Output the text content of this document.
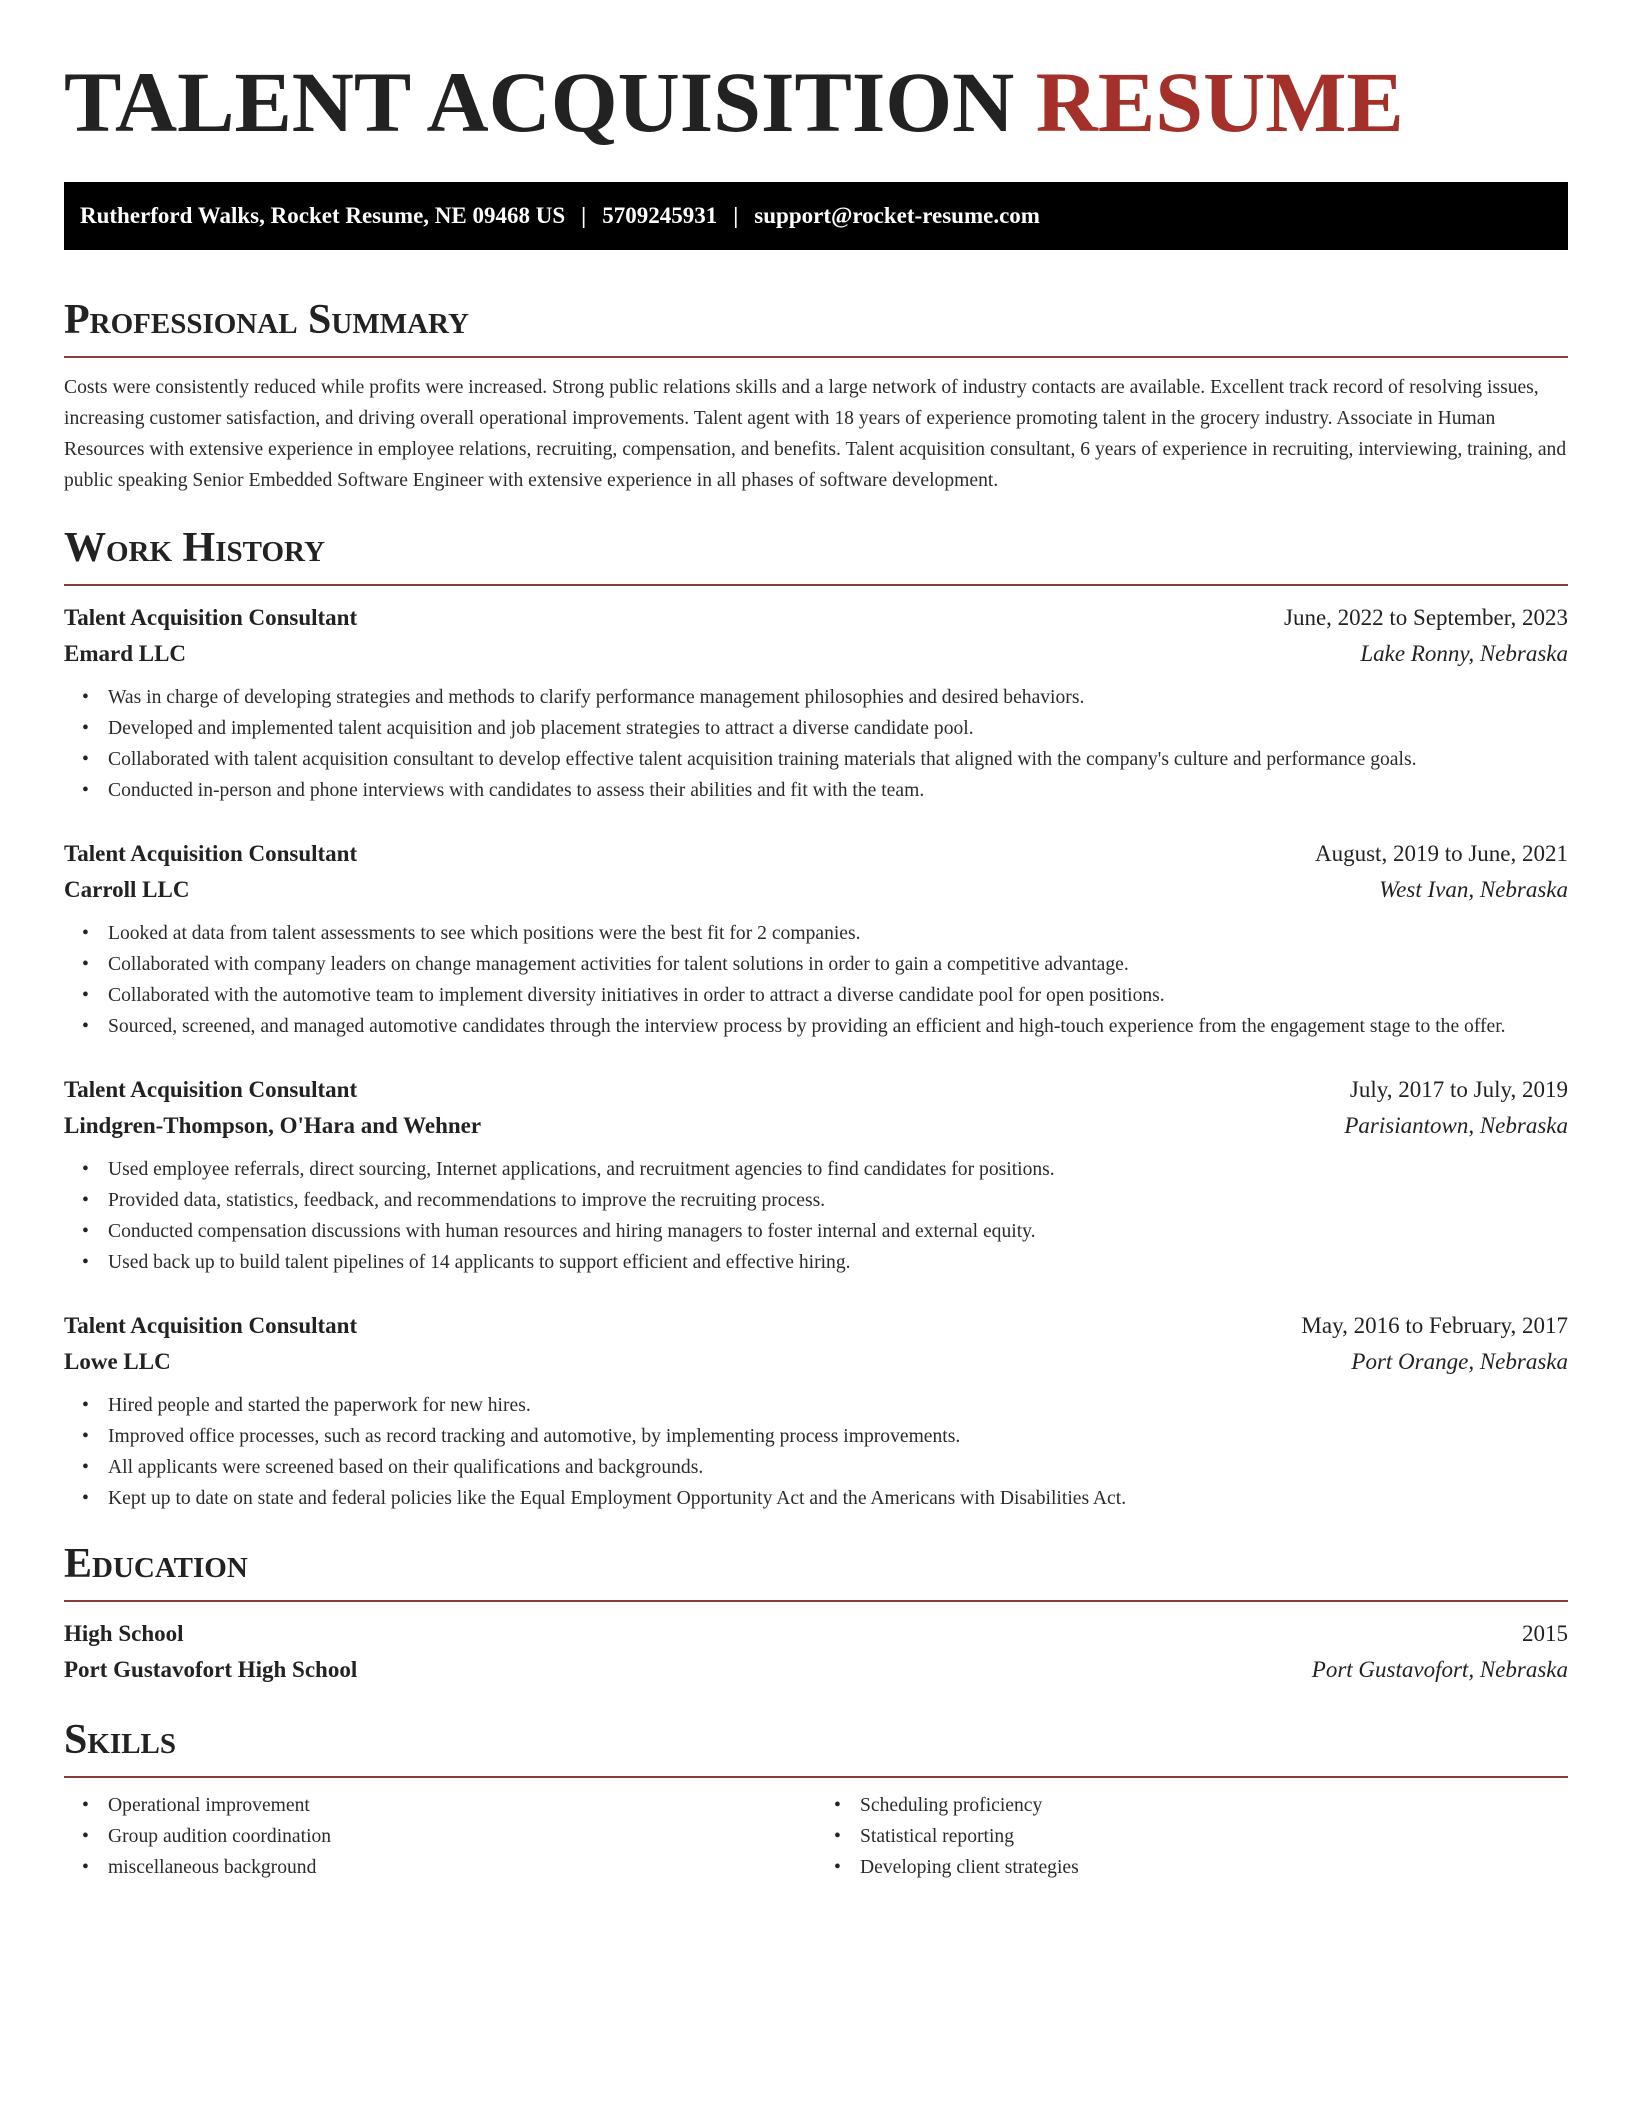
TALENT ACQUISITION RESUME
Rutherford Walks, Rocket Resume, NE 09468 US | 5709245931 | support@rocket-resume.com
Professional Summary

Costs were consistently reduced while profits were increased. Strong public relations skills and a large network of industry contacts are available. Excellent track record of resolving issues, increasing customer satisfaction, and driving overall operational improvements. Talent agent with 18 years of experience promoting talent in the grocery industry. Associate in Human Resources with extensive experience in employee relations, recruiting, compensation, and benefits. Talent acquisition consultant, 6 years of experience in recruiting, interviewing, training, and public speaking Senior Embedded Software Engineer with extensive experience in all phases of software development.

Work History
Talent Acquisition Consultant	June, 2022 to September, 2023
Emard LLC	Lake Ronny, Nebraska
• Was in charge of developing strategies and methods to clarify performance management philosophies and desired behaviors.
• Developed and implemented talent acquisition and job placement strategies to attract a diverse candidate pool.
• Collaborated with talent acquisition consultant to develop effective talent acquisition training materials that aligned with the company's culture and performance goals.
• Conducted in-person and phone interviews with candidates to assess their abilities and fit with the team.
Talent Acquisition Consultant	August, 2019 to June, 2021
Carroll LLC	West Ivan, Nebraska
• Looked at data from talent assessments to see which positions were the best fit for 2 companies.
• Collaborated with company leaders on change management activities for talent solutions in order to gain a competitive advantage.
• Collaborated with the automotive team to implement diversity initiatives in order to attract a diverse candidate pool for open positions.
• Sourced, screened, and managed automotive candidates through the interview process by providing an efficient and high-touch experience from the engagement stage to the offer.
Talent Acquisition Consultant	July, 2017 to July, 2019
Lindgren-Thompson, O'Hara and Wehner	Parisiantown, Nebraska
• Used employee referrals, direct sourcing, Internet applications, and recruitment agencies to find candidates for positions.
• Provided data, statistics, feedback, and recommendations to improve the recruiting process.
• Conducted compensation discussions with human resources and hiring managers to foster internal and external equity.
• Used back up to build talent pipelines of 14 applicants to support efficient and effective hiring.
Talent Acquisition Consultant	May, 2016 to February, 2017
Lowe LLC	Port Orange, Nebraska
• Hired people and started the paperwork for new hires.
• Improved office processes, such as record tracking and automotive, by implementing process improvements.
• All applicants were screened based on their qualifications and backgrounds.
• Kept up to date on state and federal policies like the Equal Employment Opportunity Act and the Americans with Disabilities Act.
Education
High School	2015
Port Gustavofort High School	Port Gustavofort, Nebraska
Skills
• Operational improvement
• Group audition coordination
• miscellaneous background
• Scheduling proficiency
• Statistical reporting
• Developing client strategies
